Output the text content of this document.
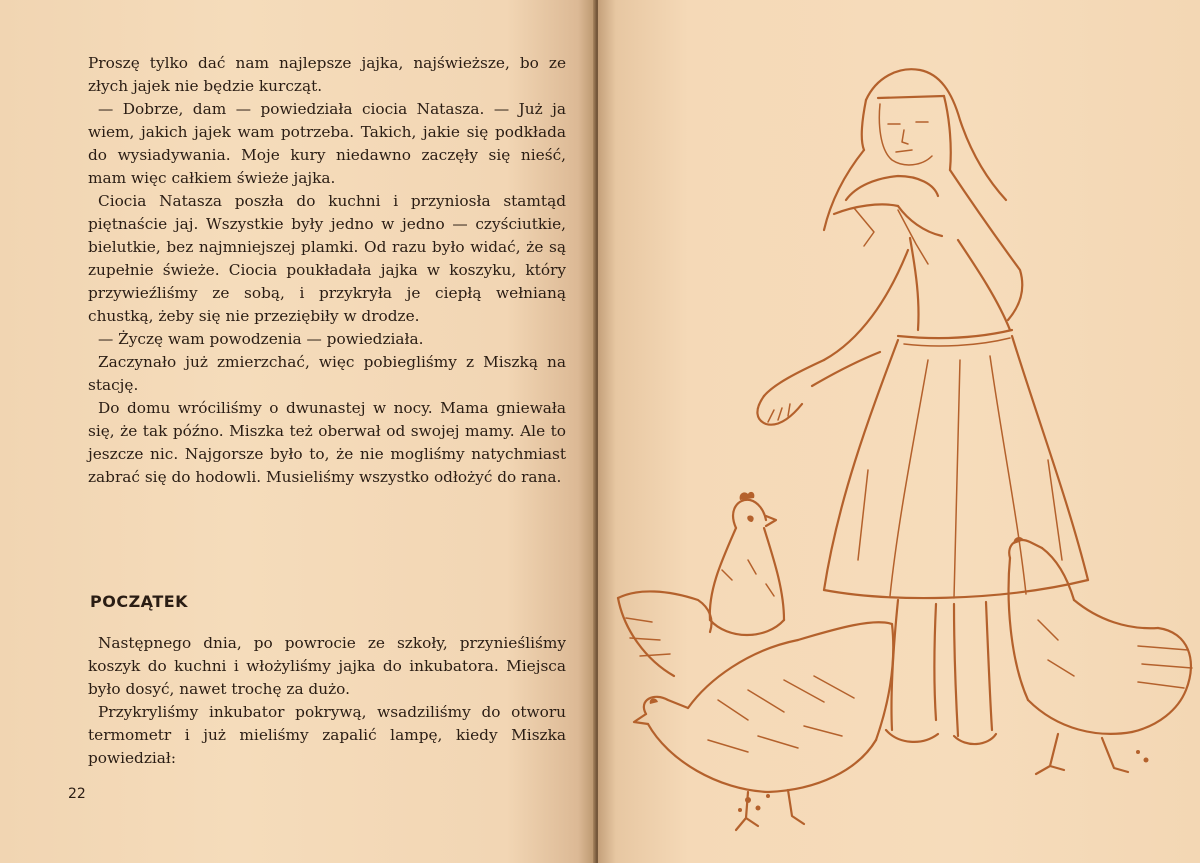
Proszę tylko dać nam najlepsze jajka, najświeższe, bo ze złych jajek nie będzie kurcząt.

— Dobrze, dam — powiedziała ciocia Natasza. — Już ja wiem, jakich jajek wam potrzeba. Takich, jakie się podkłada do wysiadywania. Moje kury niedawno zaczęły się nieść, mam więc całkiem świeże jajka.

Ciocia Natasza poszła do kuchni i przyniosła stamtąd piętnaście jaj. Wszystkie były jedno w jedno — czyściutkie, bielutkie, bez najmniejszej plamki. Od razu było widać, że są zupełnie świeże. Ciocia poukładała jajka w koszyku, który przywieźliśmy ze sobą, i przykryła je ciepłą wełnianą chustką, żeby się nie przeziębiły w drodze.

— Życzę wam powodzenia — powiedziała.

Zaczynało już zmierzchać, więc pobiegliśmy z Miszką na stację.

Do domu wróciliśmy o dwunastej w nocy. Mama gniewała się, że tak późno. Miszka też oberwał od swojej mamy. Ale to jeszcze nic. Najgorsze było to, że nie mogliśmy natychmiast zabrać się do hodowli. Musieliśmy wszystko odłożyć do rana.

POCZĄTEK

Następnego dnia, po powrocie ze szkoły, przynieśliśmy koszyk do kuchni i włożyliśmy jajka do inkubatora. Miejsca było dosyć, nawet trochę za dużo.

Przykryliśmy inkubator pokrywą, wsadziliśmy do otworu termometr i już mieliśmy zapalić lampę, kiedy Miszka powiedział:

22
